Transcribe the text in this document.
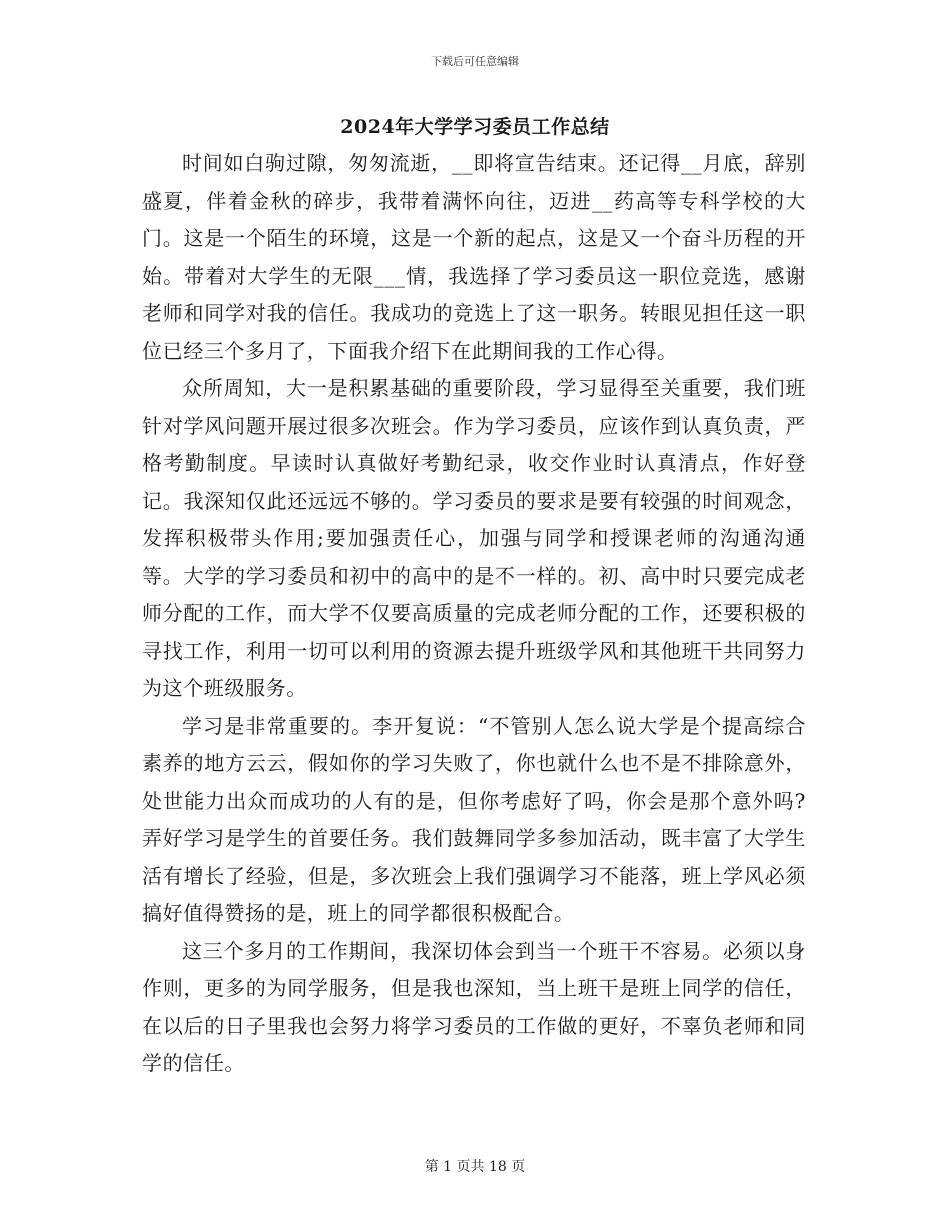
下载后可任意编辑
2024年大学学习委员工作总结

时间如白驹过隙，匆匆流逝，__即将宣告结束。还记得__月底，辞别盛夏，伴着金秋的碎步，我带着满怀向往，迈进__药高等专科学校的大门。这是一个陌生的环境，这是一个新的起点，这是又一个奋斗历程的开始。带着对大学生的无限___情，我选择了学习委员这一职位竞选，感谢老师和同学对我的信任。我成功的竞选上了这一职务。转眼见担任这一职位已经三个多月了，下面我介绍下在此期间我的工作心得。

众所周知，大一是积累基础的重要阶段，学习显得至关重要，我们班针对学风问题开展过很多次班会。作为学习委员，应该作到认真负责，严格考勤制度。早读时认真做好考勤纪录，收交作业时认真清点，作好登记。我深知仅此还远远不够的。学习委员的要求是要有较强的时间观念，发挥积极带头作用;要加强责任心，加强与同学和授课老师的沟通沟通等。大学的学习委员和初中的高中的是不一样的。初、高中时只要完成老师分配的工作，而大学不仅要高质量的完成老师分配的工作，还要积极的寻找工作，利用一切可以利用的资源去提升班级学风和其他班干共同努力为这个班级服务。

学习是非常重要的。李开复说：“不管别人怎么说大学是个提高综合素养的地方云云，假如你的学习失败了，你也就什么也不是不排除意外，处世能力出众而成功的人有的是，但你考虑好了吗，你会是那个意外吗?弄好学习是学生的首要任务。我们鼓舞同学多参加活动，既丰富了大学生活有增长了经验，但是，多次班会上我们强调学习不能落，班上学风必须搞好值得赞扬的是，班上的同学都很积极配合。

这三个多月的工作期间，我深切体会到当一个班干不容易。必须以身作则，更多的为同学服务，但是我也深知，当上班干是班上同学的信任，在以后的日子里我也会努力将学习委员的工作做的更好，不辜负老师和同学的信任。

第 1 页共 18 页
